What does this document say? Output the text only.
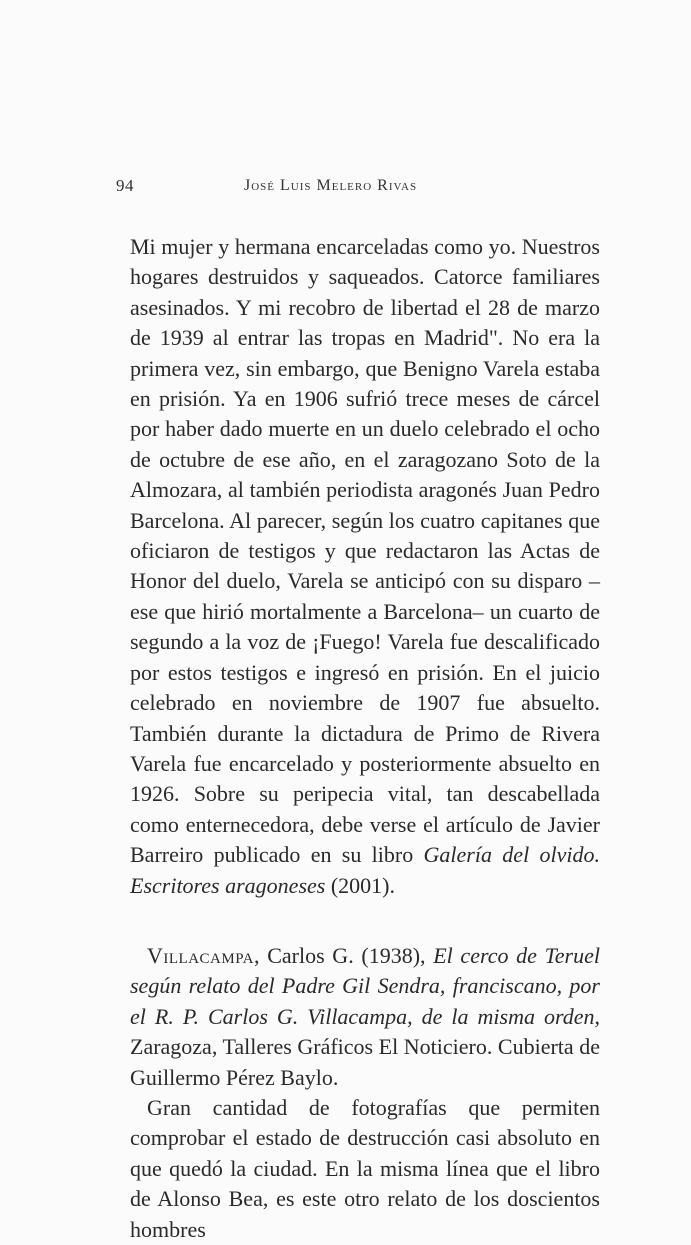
94	José Luis Melero Rivas

Mi mujer y hermana encarceladas como yo. Nuestros hogares destruidos y saqueados. Catorce familiares asesinados. Y mi recobro de libertad el 28 de marzo de 1939 al entrar las tropas en Madrid". No era la primera vez, sin embargo, que Benigno Varela estaba en prisión. Ya en 1906 sufrió trece meses de cárcel por haber dado muerte en un duelo celebrado el ocho de octubre de ese año, en el zaragozano Soto de la Almozara, al también periodista aragonés Juan Pedro Barcelona. Al parecer, según los cuatro capitanes que oficiaron de testigos y que redactaron las Actas de Honor del duelo, Varela se anticipó con su disparo –ese que hirió mortalmente a Barcelona– un cuarto de segundo a la voz de ¡Fuego! Varela fue descalificado por estos testigos e ingresó en prisión. En el juicio celebrado en noviembre de 1907 fue absuelto. También durante la dictadura de Primo de Rivera Varela fue encarcelado y posteriormente absuelto en 1926. Sobre su peripecia vital, tan descabellada como enternecedora, debe verse el artículo de Javier Barreiro publicado en su libro Galería del olvido. Escritores aragoneses (2001).

Villacampa, Carlos G. (1938), El cerco de Teruel según relato del Padre Gil Sendra, franciscano, por el R. P. Carlos G. Villacampa, de la misma orden, Zaragoza, Talleres Gráficos El Noticiero. Cubierta de Guillermo Pérez Baylo.

Gran cantidad de fotografías que permiten comprobar el estado de destrucción casi absoluto en que quedó la ciudad. En la misma línea que el libro de Alonso Bea, es este otro relato de los doscientos hombres
